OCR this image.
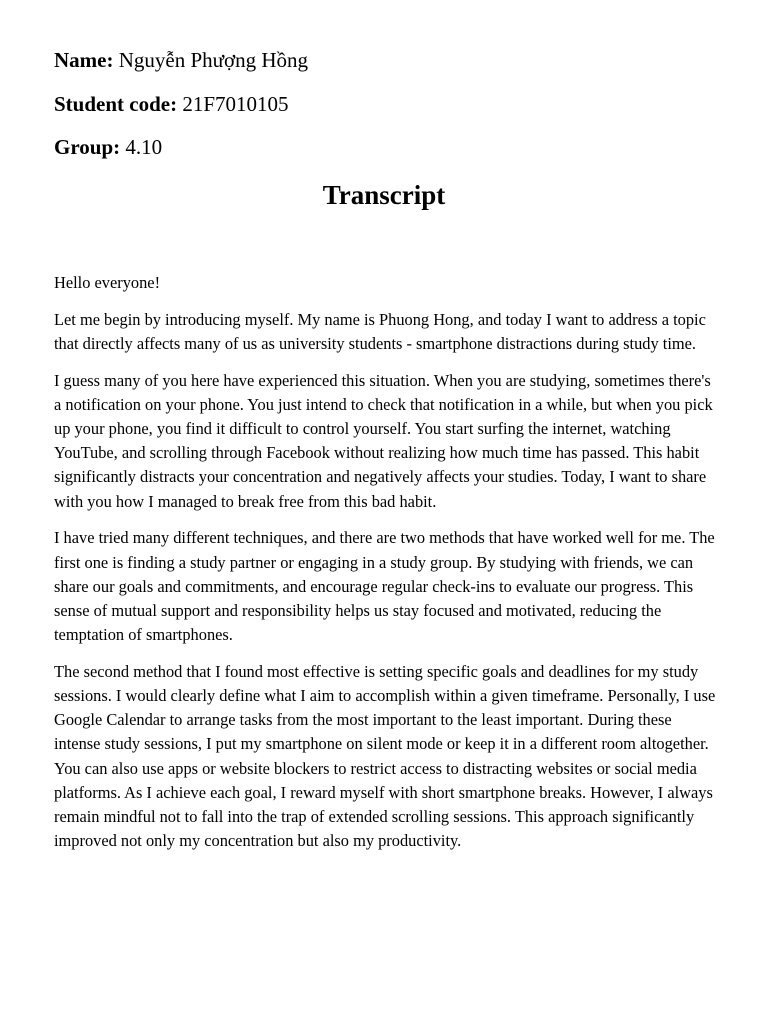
Name: Nguyễn Phượng Hồng
Student code: 21F7010105
Group: 4.10
Transcript

Hello everyone!

Let me begin by introducing myself. My name is Phuong Hong, and today I want to address a topic that directly affects many of us as university students - smartphone distractions during study time.

I guess many of you here have experienced this situation. When you are studying, sometimes there's a notification on your phone. You just intend to check that notification in a while, but when you pick up your phone, you find it difficult to control yourself. You start surfing the internet, watching YouTube, and scrolling through Facebook without realizing how much time has passed. This habit significantly distracts your concentration and negatively affects your studies. Today, I want to share with you how I managed to break free from this bad habit.

I have tried many different techniques, and there are two methods that have worked well for me. The first one is finding a study partner or engaging in a study group. By studying with friends, we can share our goals and commitments, and encourage regular check-ins to evaluate our progress. This sense of mutual support and responsibility helps us stay focused and motivated, reducing the temptation of smartphones.

The second method that I found most effective is setting specific goals and deadlines for my study sessions. I would clearly define what I aim to accomplish within a given timeframe. Personally, I use Google Calendar to arrange tasks from the most important to the least important. During these intense study sessions, I put my smartphone on silent mode or keep it in a different room altogether. You can also use apps or website blockers to restrict access to distracting websites or social media platforms. As I achieve each goal, I reward myself with short smartphone breaks. However, I always remain mindful not to fall into the trap of extended scrolling sessions. This approach significantly improved not only my concentration but also my productivity.
